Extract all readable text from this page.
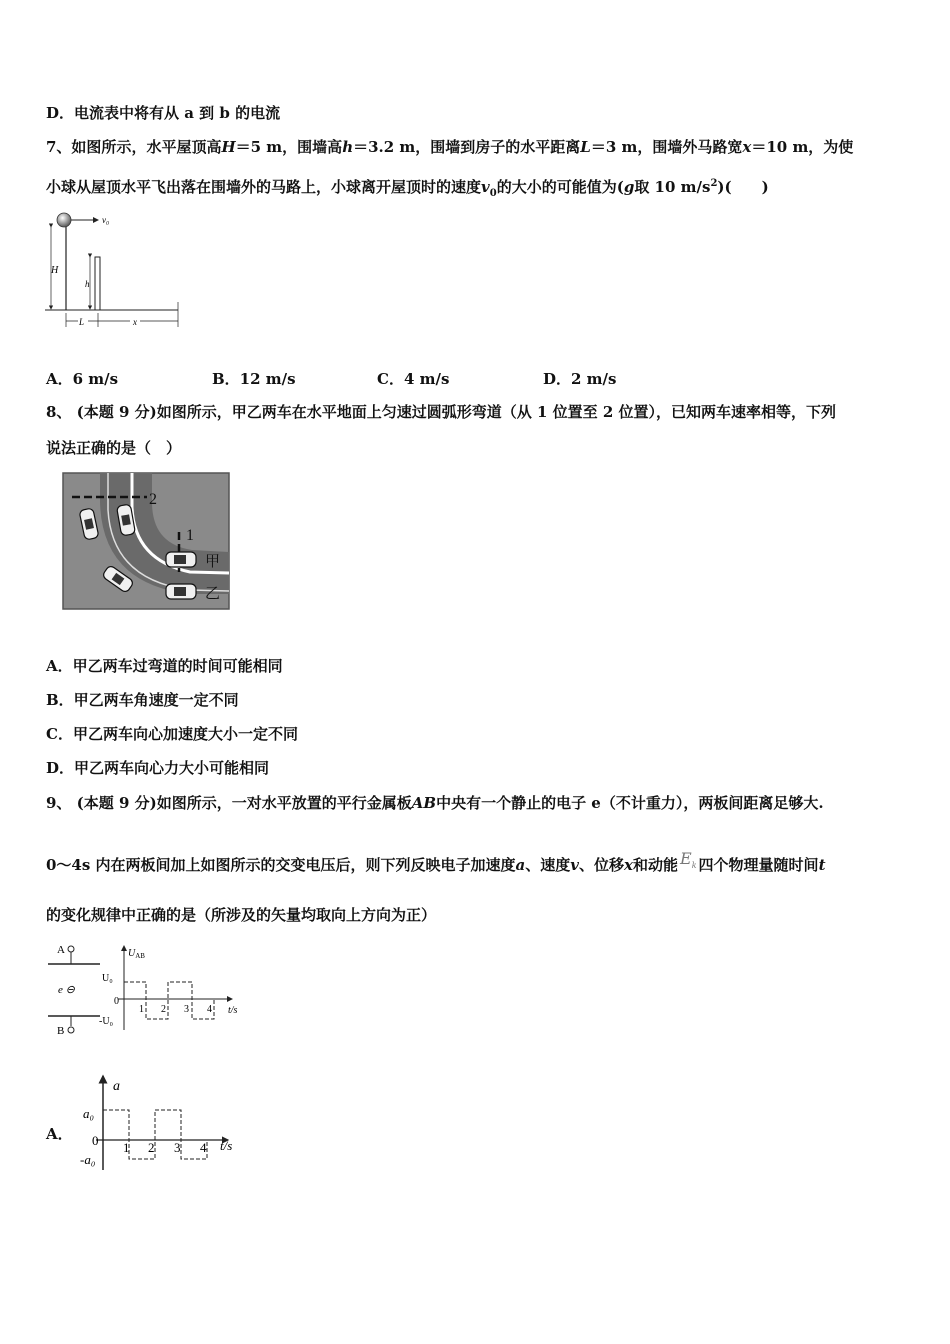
D．电流表中将有从 a 到 b 的电流
7、如图所示，水平屋顶高H＝5 m，围墙高h＝3.2 m，围墙到房子的水平距离L＝3 m，围墙外马路宽x＝10 m，为使
小球从屋顶水平飞出落在围墙外的马路上，小球离开屋顶时的速度$v_0$的大小的可能值为(g取 10 $m/s^2$)(　　)
v₀
H
h
L	x
A．6 m/s	B．12 m/s	C．4 m/s	D．2 m/s
8、 (本题 9 分)如图所示，甲乙两车在水平地面上匀速过圆弧形弯道（从 1 位置至 2 位置），已知两车速率相等，下列
说法正确的是（　）
2
1
甲
乙
A．甲乙两车过弯道的时间可能相同
B．甲乙两车角速度一定不同
C．甲乙两车向心加速度大小一定不同
D．甲乙两车向心力大小可能相同
9、 (本题 9 分)如图所示，一对水平放置的平行金属板AB中央有一个静止的电子 e（不计重力），两板间距离足够大.
0～4s 内在两板间加上如图所示的交变电压后，则下列反映电子加速度a、速度v、位移x和动能 $E_k$ 四个物理量随时间t
的变化规律中正确的是（所涉及的矢量均取向上方向为正）
A
e ⊖
B
$U_{AB}$
U₀
-U₀
0
1 2 3 4 t/s
A．
a
a₀
-a₀
0 1 2 3 4 t/s
